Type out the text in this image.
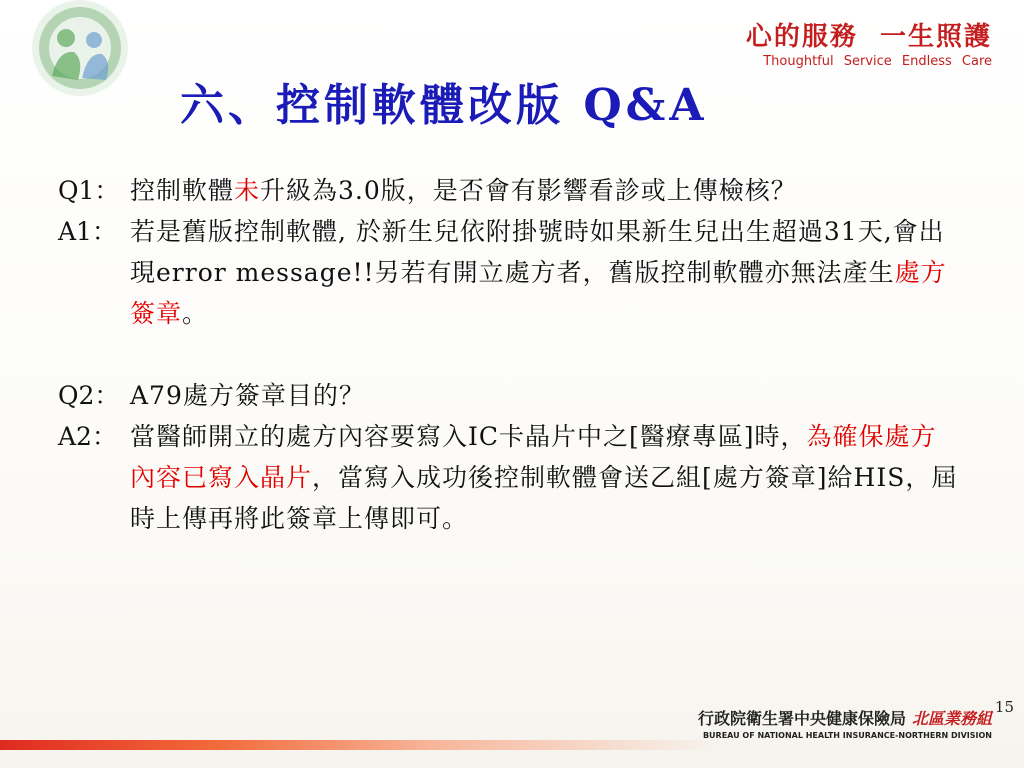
心的服務  一生照護
Thoughtful Service Endless Care
六、控制軟體改版 Q&A
Q1： 控制軟體未升級為3.0版，是否會有影響看診或上傳檢核？
A1： 若是舊版控制軟體, 於新生兒依附掛號時如果新生兒出生超過31天,會出現error message!!另若有開立處方者，舊版控制軟體亦無法產生處方簽章。
Q2： A79處方簽章目的？
A2： 當醫師開立的處方內容要寫入IC卡晶片中之[醫療專區]時，為確保處方內容已寫入晶片，當寫入成功後控制軟體會送乙組[處方簽章]給HIS，屆時上傳再將此簽章上傳即可。
15
行政院衛生署中央健康保險局 北區業務組
BUREAU OF NATIONAL HEALTH INSURANCE-NORTHERN DIVISION
